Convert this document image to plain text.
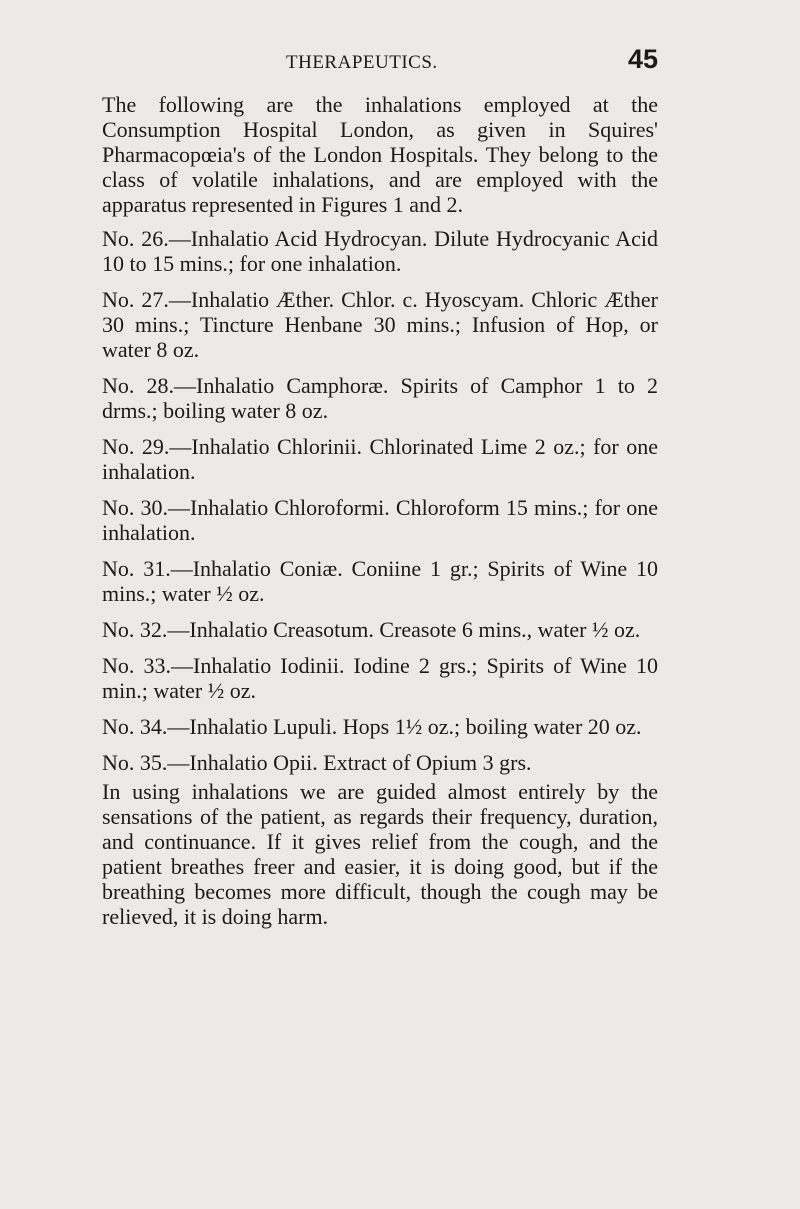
THERAPEUTICS.	45

The following are the inhalations employed at the Consumption Hospital London, as given in Squires' Pharmacopœia's of the London Hospitals. They belong to the class of volatile inhalations, and are employed with the apparatus represented in Figures 1 and 2.

No. 26.—Inhalatio Acid Hydrocyan. Dilute Hydrocyanic Acid 10 to 15 mins.; for one inhalation.

No. 27.—Inhalatio Æther. Chlor. c. Hyoscyam. Chloric Æther 30 mins.; Tincture Henbane 30 mins.; Infusion of Hop, or water 8 oz.

No. 28.—Inhalatio Camphoræ. Spirits of Camphor 1 to 2 drms.; boiling water 8 oz.

No. 29.—Inhalatio Chlorinii. Chlorinated Lime 2 oz.; for one inhalation.

No. 30.—Inhalatio Chloroformi. Chloroform 15 mins.; for one inhalation.

No. 31.—Inhalatio Coniæ. Coniine 1 gr.; Spirits of Wine 10 mins.; water ½ oz.

No. 32.—Inhalatio Creasotum. Creasote 6 mins., water ½ oz.

No. 33.—Inhalatio Iodinii. Iodine 2 grs.; Spirits of Wine 10 min.; water ½ oz.

No. 34.—Inhalatio Lupuli. Hops 1½ oz.; boiling water 20 oz.

No. 35.—Inhalatio Opii. Extract of Opium 3 grs.

In using inhalations we are guided almost entirely by the sensations of the patient, as regards their frequency, duration, and continuance. If it gives relief from the cough, and the patient breathes freer and easier, it is doing good, but if the breathing becomes more difficult, though the cough may be relieved, it is doing harm.
